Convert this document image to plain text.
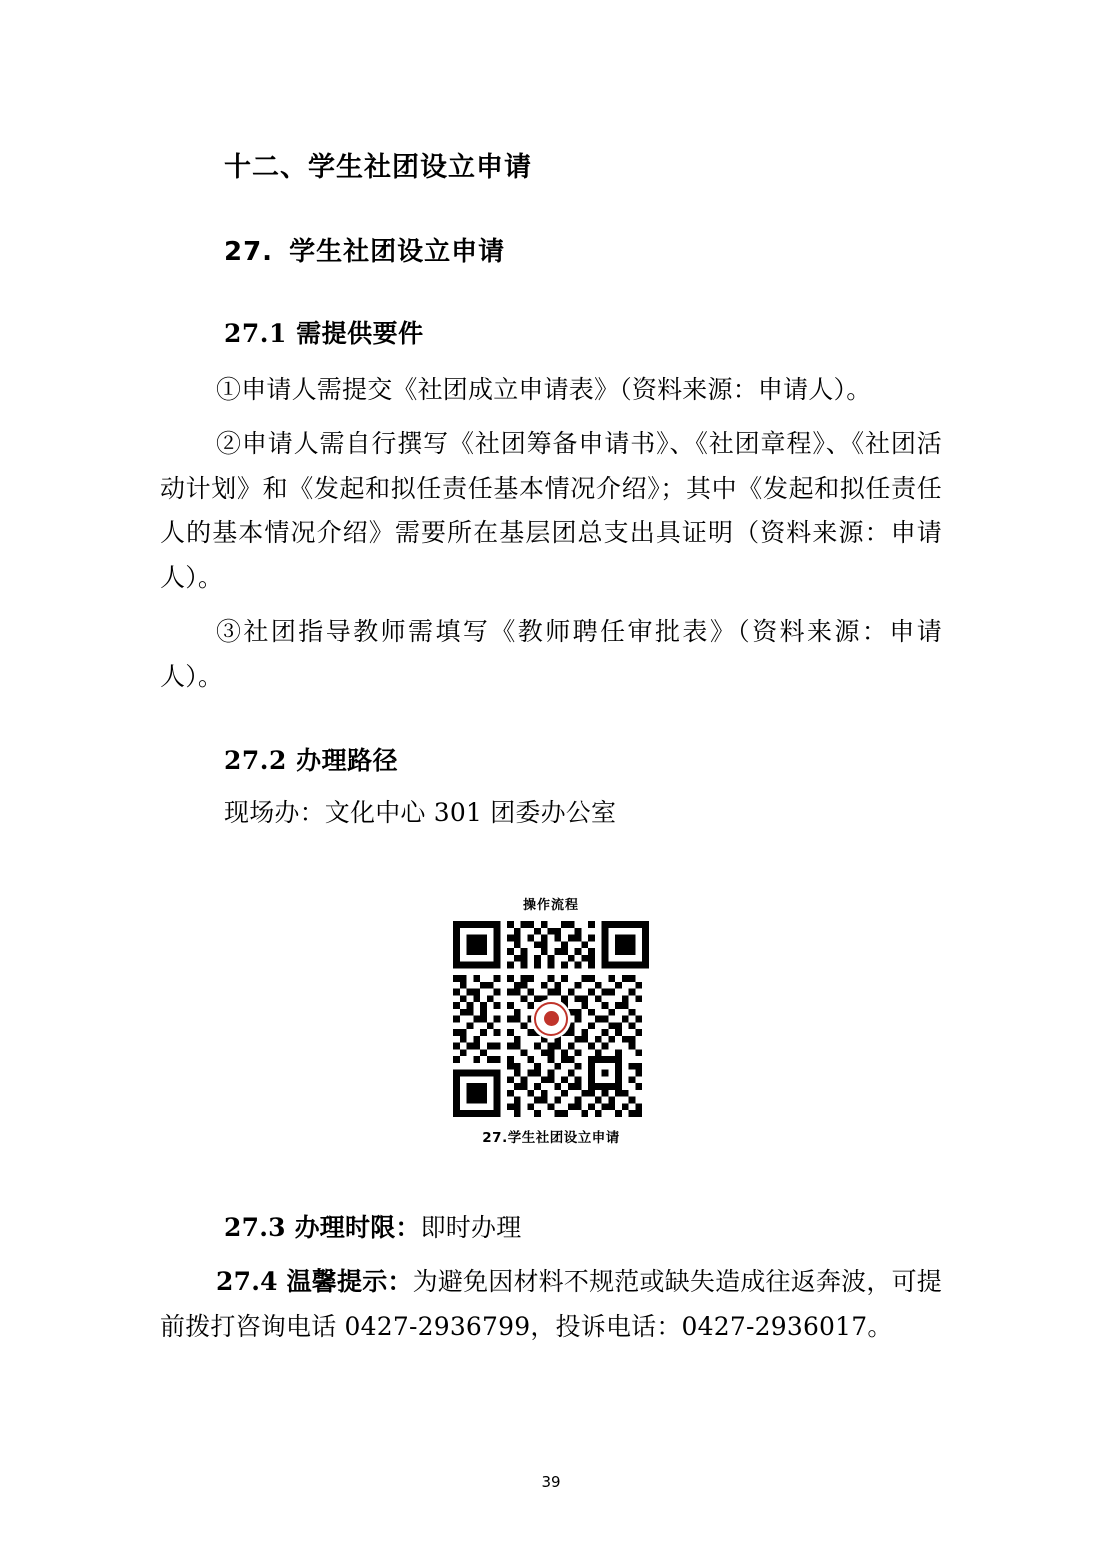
十二、学生社团设立申请
27. 学生社团设立申请
27.1 需提供要件

①申请人需提交《社团成立申请表》（资料来源：申请人）。

②申请人需自行撰写《社团筹备申请书》、《社团章程》、《社团活动计划》和《发起和拟任责任基本情况介绍》；其中《发起和拟任责任人的基本情况介绍》需要所在基层团总支出具证明（资料来源：申请人）。

③社团指导教师需填写《教师聘任审批表》（资料来源：申请人）。

27.2 办理路径

现场办：文化中心 301 团委办公室

操作流程
27.学生社团设立申请

27.3 办理时限：即时办理

27.4 温馨提示：为避免因材料不规范或缺失造成往返奔波，可提前拨打咨询电话 0427-2936799，投诉电话：0427-2936017。

39
